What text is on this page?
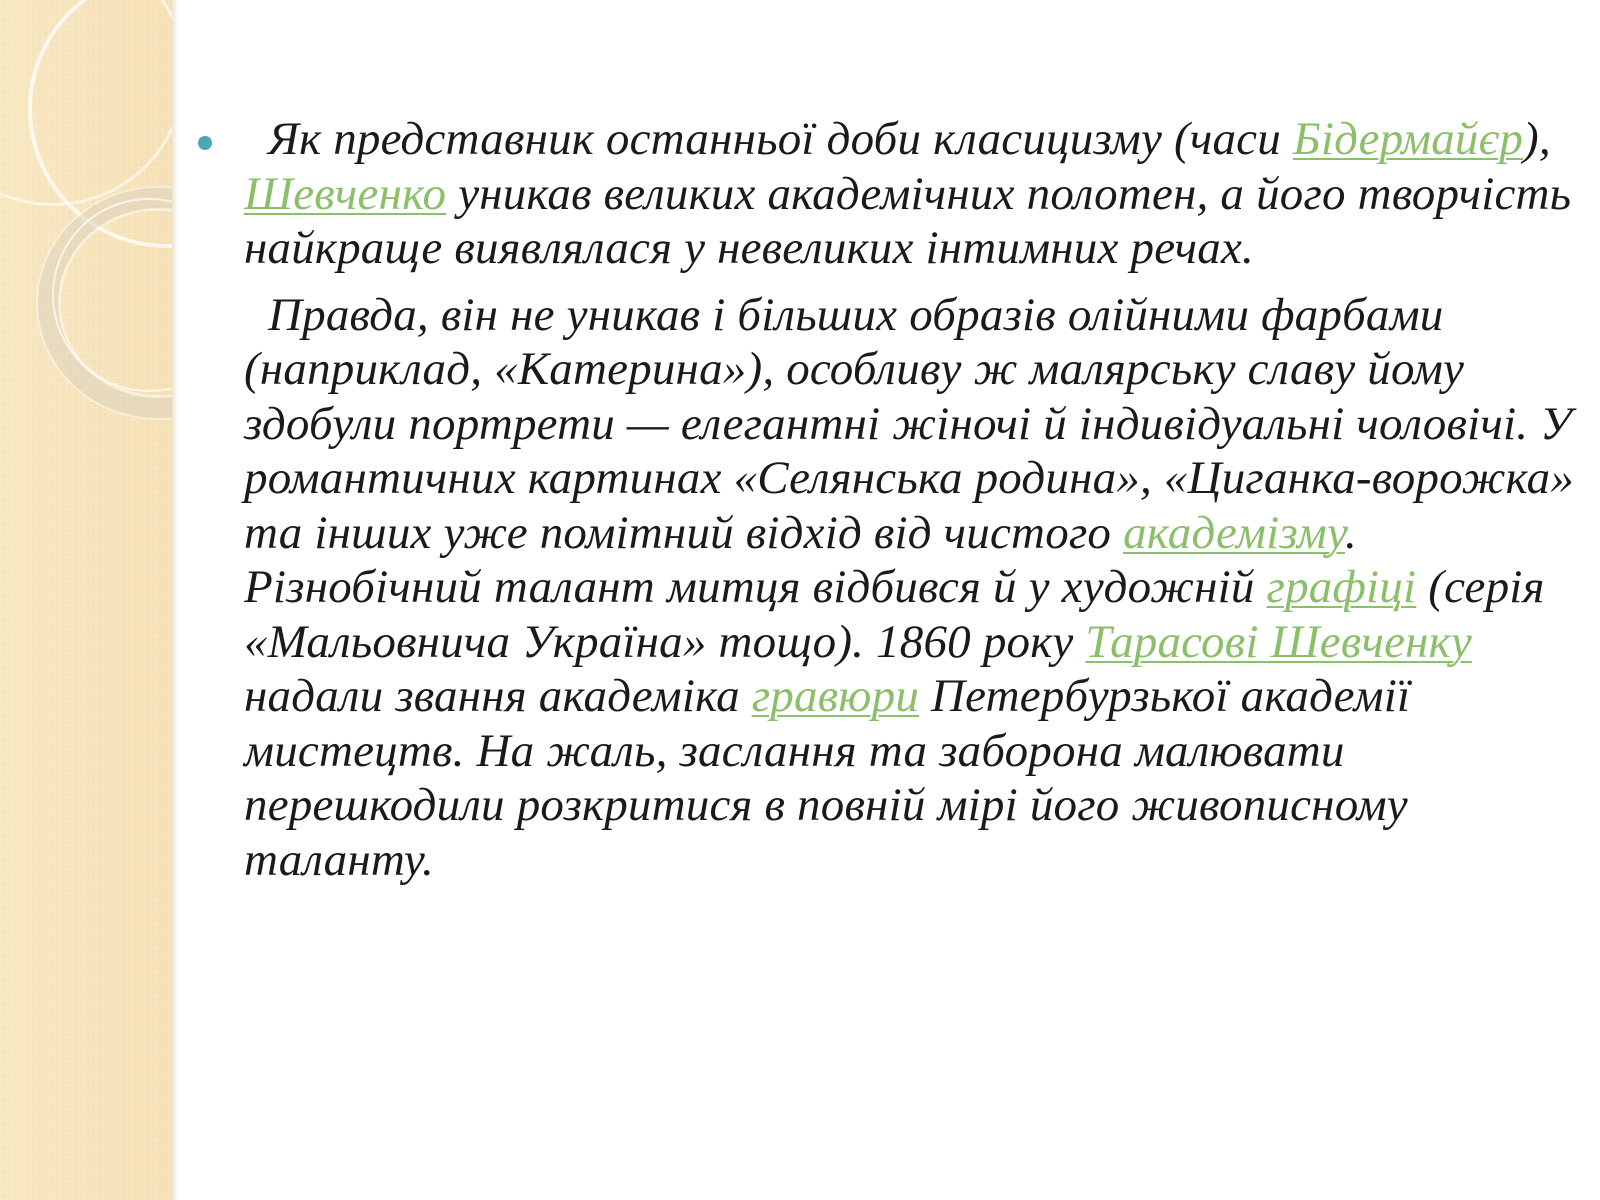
Як представник останньої доби класицизму (часи Бідермайєр), Шевченко уникав великих академічних полотен, а його творчість найкраще виявлялася у невеликих інтимних речах.

Правда, він не уникав і більших образів олійними фарбами (наприклад, «Катерина»), особливу ж малярську славу йому здобули портрети — елегантні жіночі й індивідуальні чоловічі. У романтичних картинах «Селянська родина», «Циганка-ворожка» та інших уже помітний відхід від чистого академізму. Різнобічний талант митця відбився й у художній графіці (серія «Мальовнича Україна» тощо). 1860 року Тарасові Шевченку надали звання академіка гравюри Петербурзької академії мистецтв. На жаль, заслання та заборона малювати перешкодили розкритися в повній мірі його живописному таланту.
